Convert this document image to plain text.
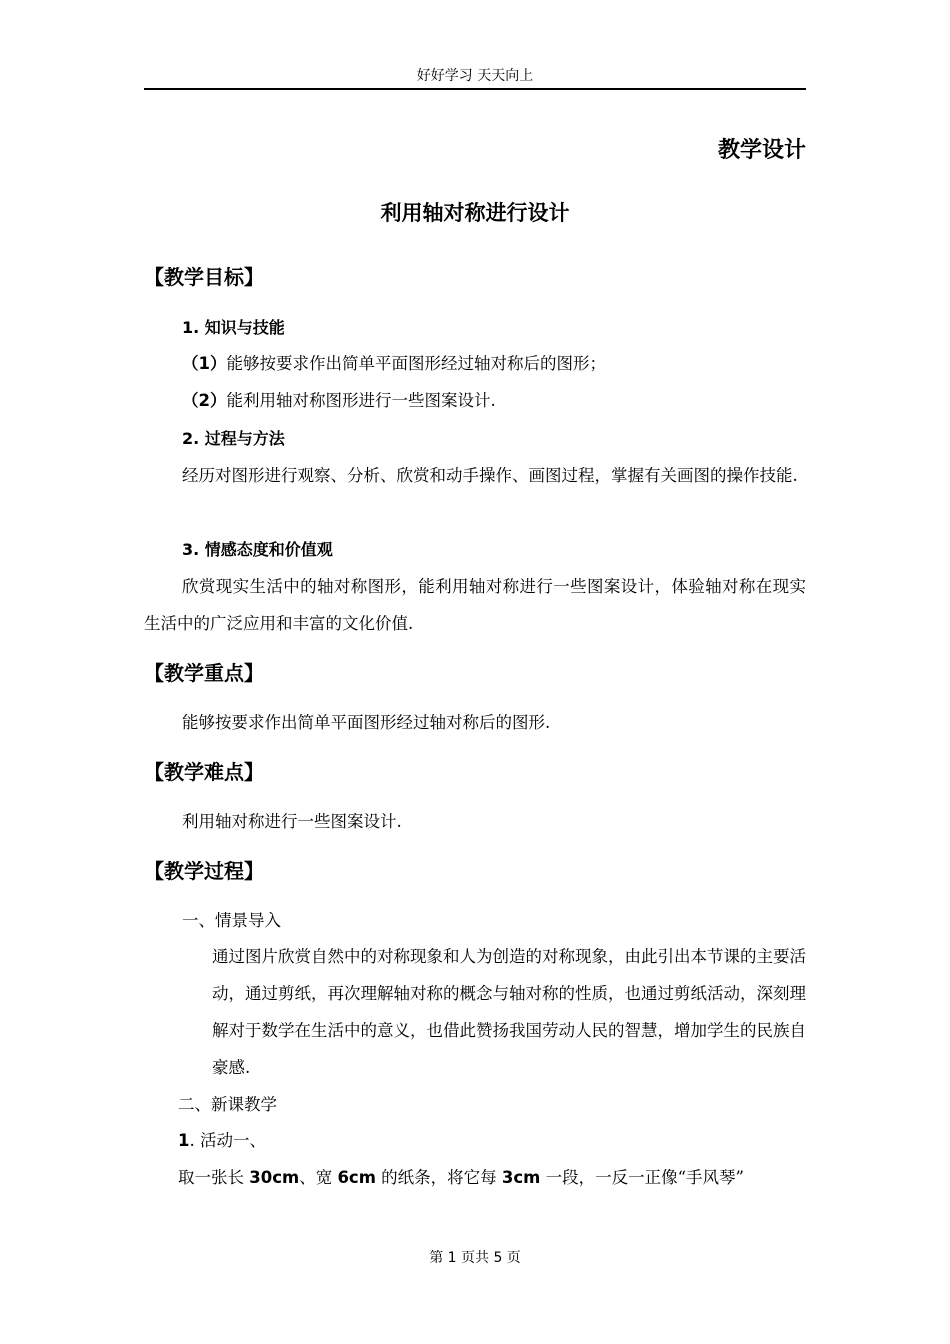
好好学习 天天向上
教学设计
利用轴对称进行设计
【教学目标】
1. 知识与技能
（1）能够按要求作出简单平面图形经过轴对称后的图形；
（2）能利用轴对称图形进行一些图案设计.
2. 过程与方法
经历对图形进行观察、分析、欣赏和动手操作、画图过程，掌握有关画图的操作技能.
3. 情感态度和价值观
欣赏现实生活中的轴对称图形，能利用轴对称进行一些图案设计，体验轴对称在现实生活中的广泛应用和丰富的文化价值.
【教学重点】
能够按要求作出简单平面图形经过轴对称后的图形.
【教学难点】
利用轴对称进行一些图案设计.
【教学过程】
一、情景导入
通过图片欣赏自然中的对称现象和人为创造的对称现象，由此引出本节课的主要活动，通过剪纸，再次理解轴对称的概念与轴对称的性质，也通过剪纸活动，深刻理解对于数学在生活中的意义，也借此赞扬我国劳动人民的智慧，增加学生的民族自豪感.
二、新课教学
1. 活动一、
取一张长 30cm、宽 6cm 的纸条，将它每 3cm 一段，一反一正像“手风琴”
第 1 页共 5 页
